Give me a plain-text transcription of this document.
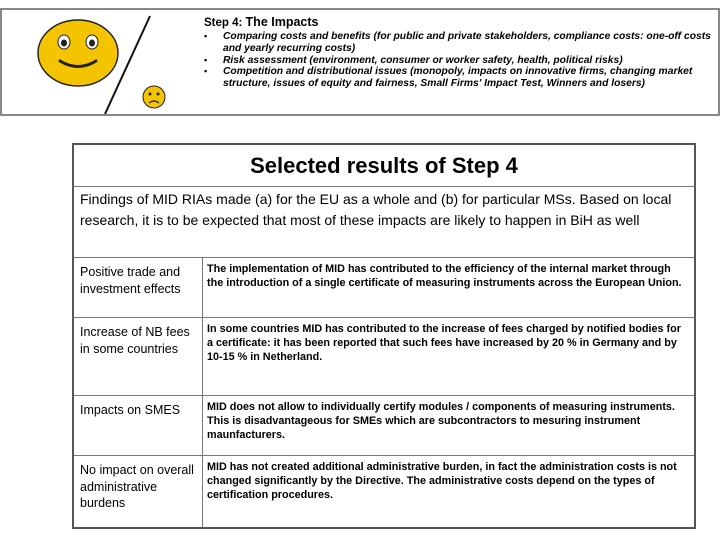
Step 4: The Impacts
▪ Comparing costs and benefits (for public and private stakeholders, compliance costs: one-off costs and yearly recurring costs)
▪ Risk assessment (environment, consumer or worker safety, health, political risks)
▪ Competition and distributional issues (monopoly, impacts on innovative firms, changing market structure, issues of equity and fairness, Small Firms' Impact Test, Winners and losers)
Selected results of Step 4
Findings of MID RIAs made (a) for the EU as a whole and (b) for particular MSs. Based on local research, it is to be expected that most of these impacts are likely to happen in BiH as well
Positive trade and investment effects
The implementation of MID has contributed to the efficiency of the internal market through the introduction of a single certificate of measuring instruments across the European Union.
Increase of NB fees in some countries
In some countries MID has contributed to the increase of fees charged by notified bodies for a certificate: it has been reported that such fees have increased by 20 % in Germany and by 10-15 % in Netherland.
Impacts on SMES	MID does not allow to individually certify modules / components of measuring instruments. This is disadvantageous for SMEs which are subcontractors to mesuring instrument maunfacturers.
No impact on overall administrative burdens
MID has not created additional administrative burden, in fact the administration costs is not changed significantly by the Directive. The administrative costs depend on the types of certification procedures.
